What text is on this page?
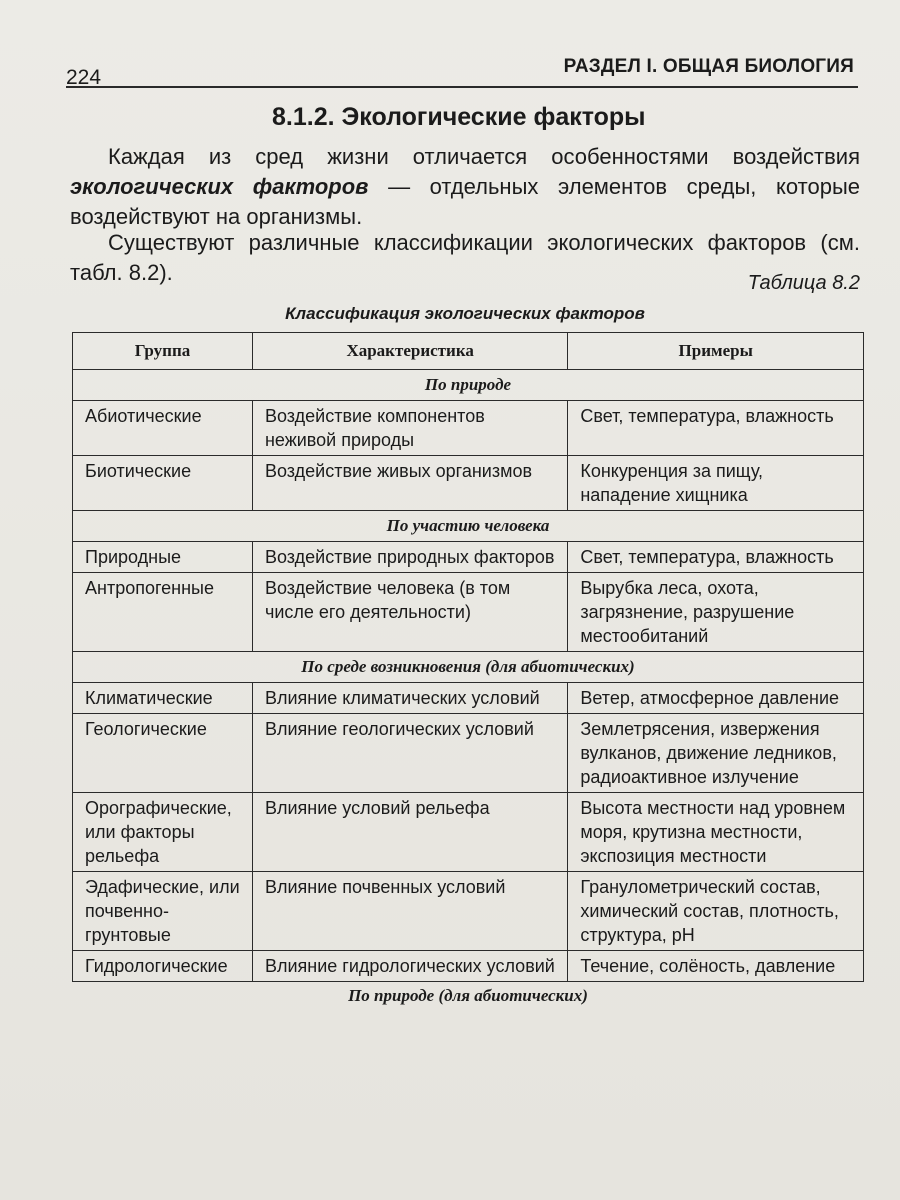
224	РАЗДЕЛ I. ОБЩАЯ БИОЛОГИЯ
8.1.2. Экологические факторы
Каждая из сред жизни отличается особенностями воздействия экологических факторов — отдельных элементов среды, которые воздействуют на организмы.
Существуют различные классификации экологических факторов (см. табл. 8.2).	Таблица 8.2
Классификация экологических факторов
Группа	Характеристика	Примеры
По природе		
Абиотические	Воздействие компонентов неживой природы	Свет, температура, влажность
Биотические	Воздействие живых организмов	Конкуренция за пищу, нападение хищника
По участию человека		
Природные	Воздействие природных факторов	Свет, температура, влажность
Антропогенные	Воздействие человека (в том числе его деятельности)	Вырубка леса, охота, загрязнение, разрушение местообитаний
По среде возникновения (для абиотических)		
Климатические	Влияние климатических условий	Ветер, атмосферное давление
Геологические	Влияние геологических условий	Землетрясения, извержения вулканов, движение ледников, радиоактивное излучение
Орографические, или факторы рельефа	Влияние условий рельефа	Высота местности над уровнем моря, крутизна местности, экспозиция местности
Эдафические, или почвенно-грунтовые	Влияние почвенных условий	Гранулометрический состав, химический состав, плотность, структура, pH
Гидрологические	Влияние гидрологических условий	Течение, солёность, давление
По природе (для абиотических)
